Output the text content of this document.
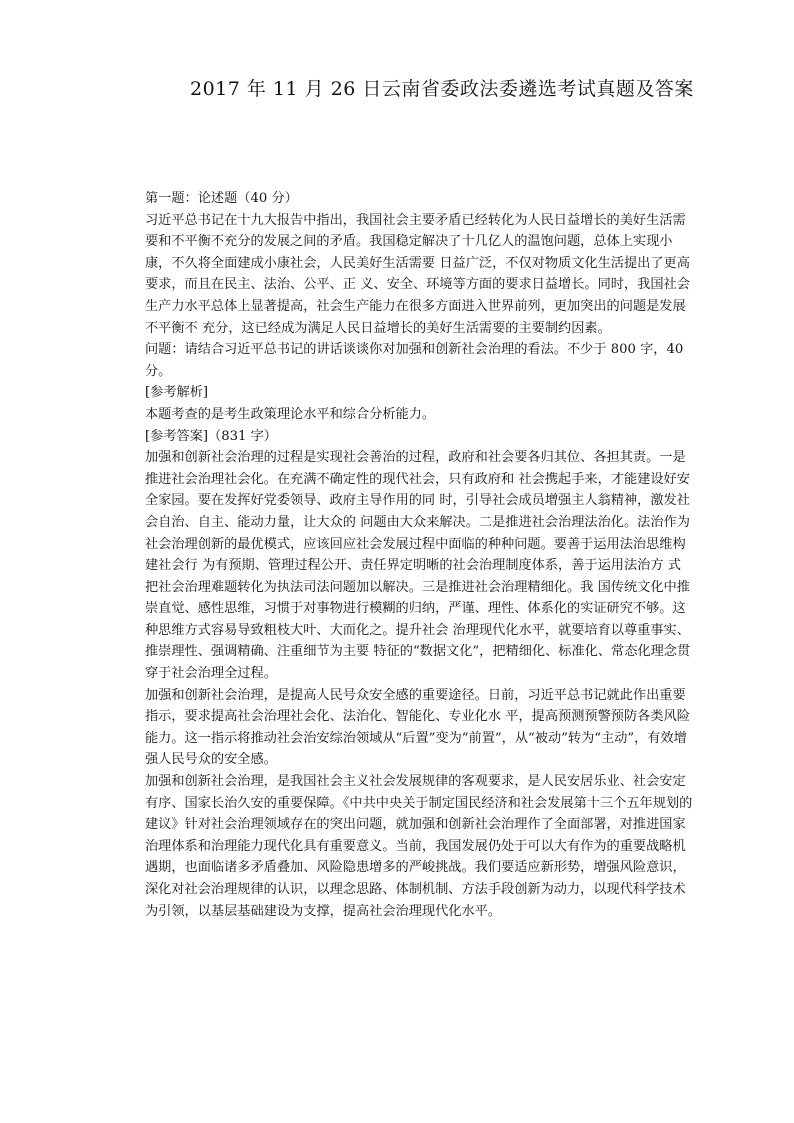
2017 年 11 月 26 日云南省委政法委遴选考试真题及答案

第一题：论述题（40 分）

习近平总书记在十九大报告中指出，我国社会主要矛盾已经转化为人民日益增长的美好生活需要和不平衡不充分的发展之间的矛盾。我国稳定解决了十几亿人的温饱问题，总体上实现小康，不久将全面建成小康社会，人民美好生活需要 日益广泛，不仅对物质文化生活提出了更高要求，而且在民主、法治、公平、正 义、安全、环境等方面的要求日益增长。同时，我国社会生产力水平总体上显著提高，社会生产能力在很多方面进入世界前列，更加突出的问题是发展不平衡不 充分，这已经成为满足人民日益增长的美好生活需要的主要制约因素。

问题：请结合习近平总书记的讲话谈谈你对加强和创新社会治理的看法。不少于 800 字，40 分。

[参考解析]

本题考查的是考生政策理论水平和综合分析能力。

[参考答案]（831 字）

加强和创新社会治理的过程是实现社会善治的过程，政府和社会要各归其位、各担其责。一是推进社会治理社会化。在充满不确定性的现代社会，只有政府和 社会携起手来，才能建设好安全家园。要在发挥好党委领导、政府主导作用的同 时，引导社会成员增强主人翁精神，激发社会自治、自主、能动力量，让大众的 问题由大众来解决。二是推进社会治理法治化。法治作为社会治理创新的最优模式，应该回应社会发展过程中面临的种种问题。要善于运用法治思维构建社会行 为有预期、管理过程公开、责任界定明晰的社会治理制度体系，善于运用法治方 式把社会治理难题转化为执法司法问题加以解决。三是推进社会治理精细化。我 国传统文化中推崇直觉、感性思维，习惯于对事物进行模糊的归纳，严谨、理性、体系化的实证研究不够。这种思维方式容易导致粗枝大叶、大而化之。提升社会 治理现代化水平，就要培育以尊重事实、推崇理性、强调精确、注重细节为主要 特征的“数据文化”，把精细化、标准化、常态化理念贯穿于社会治理全过程。

加强和创新社会治理，是提高人民号众安全感的重要途径。日前，习近平总书记就此作出重要指示，要求提高社会治理社会化、法治化、智能化、专业化水 平，提高预测预警预防各类风险能力。这一指示将推动社会治安综治领域从“后置”变为“前置”，从“被动”转为“主动”，有效增强人民号众的安全感。

加强和创新社会治理，是我国社会主义社会发展规律的客观要求，是人民安居乐业、社会安定有序、国家长治久安的重要保障。《中共中央关于制定国民经济和社会发展第十三个五年规划的建议》针对社会治理领域存在的突出问题，就加强和创新社会治理作了全面部署，对推进国家治理体系和治理能力现代化具有重要意义。当前，我国发展仍处于可以大有作为的重要战略机遇期，也面临诸多矛盾叠加、风险隐患增多的严峻挑战。我们要适应新形势，增强风险意识，深化对社会治理规律的认识，以理念思路、体制机制、方法手段创新为动力，以现代科学技术为引领，以基层基础建设为支撑，提高社会治理现代化水平。
